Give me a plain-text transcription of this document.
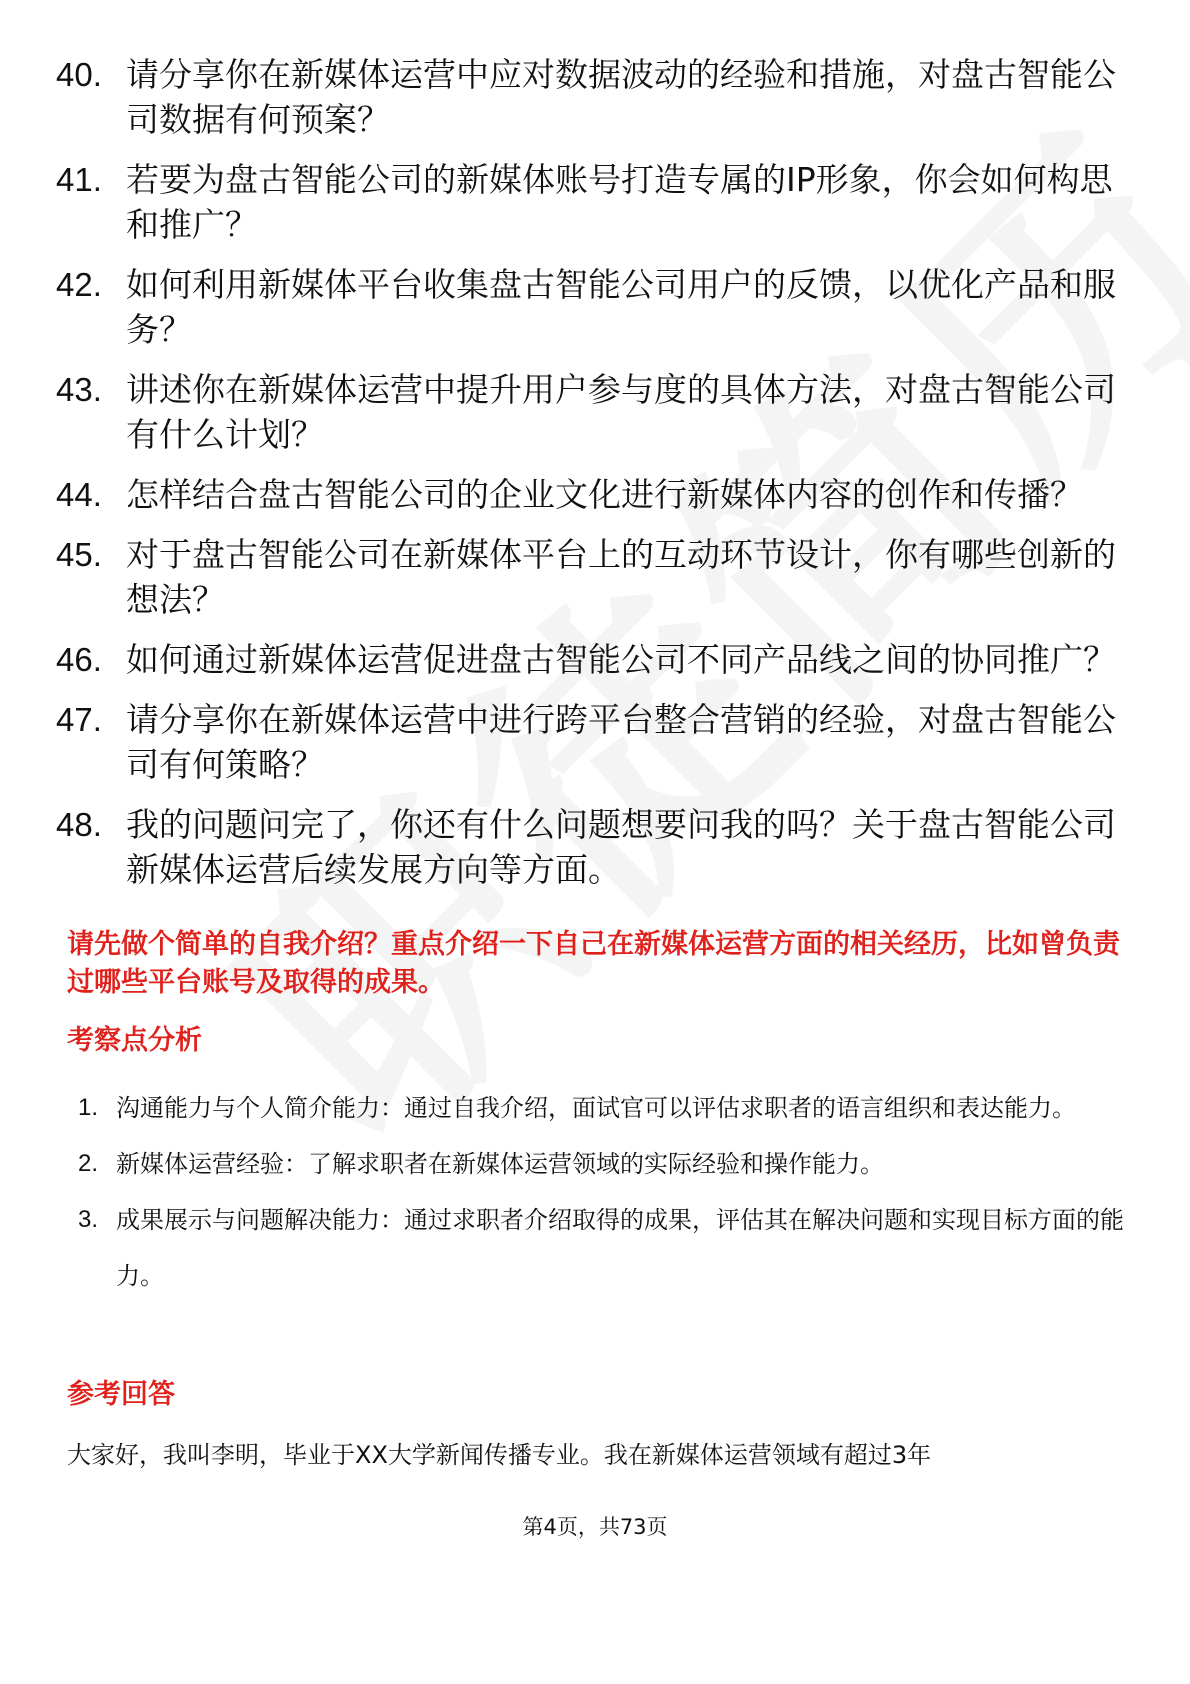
40. 请分享你在新媒体运营中应对数据波动的经验和措施，对盘古智能公司数据有何预案？
41. 若要为盘古智能公司的新媒体账号打造专属的IP形象，你会如何构思和推广？
42. 如何利用新媒体平台收集盘古智能公司用户的反馈，以优化产品和服务？
43. 讲述你在新媒体运营中提升用户参与度的具体方法，对盘古智能公司有什么计划？
44. 怎样结合盘古智能公司的企业文化进行新媒体内容的创作和传播？
45. 对于盘古智能公司在新媒体平台上的互动环节设计，你有哪些创新的想法？
46. 如何通过新媒体运营促进盘古智能公司不同产品线之间的协同推广？
47. 请分享你在新媒体运营中进行跨平台整合营销的经验，对盘古智能公司有何策略？
48. 我的问题问完了，你还有什么问题想要问我的吗？关于盘古智能公司新媒体运营后续发展方向等方面。
请先做个简单的自我介绍？重点介绍一下自己在新媒体运营方面的相关经历，比如曾负责过哪些平台账号及取得的成果。
考察点分析
1. 沟通能力与个人简介能力：通过自我介绍，面试官可以评估求职者的语言组织和表达能力。
2. 新媒体运营经验：了解求职者在新媒体运营领域的实际经验和操作能力。
3. 成果展示与问题解决能力：通过求职者介绍取得的成果，评估其在解决问题和实现目标方面的能力。
参考回答
大家好，我叫李明，毕业于XX大学新闻传播专业。我在新媒体运营领域有超过3年
第4页，共73页
